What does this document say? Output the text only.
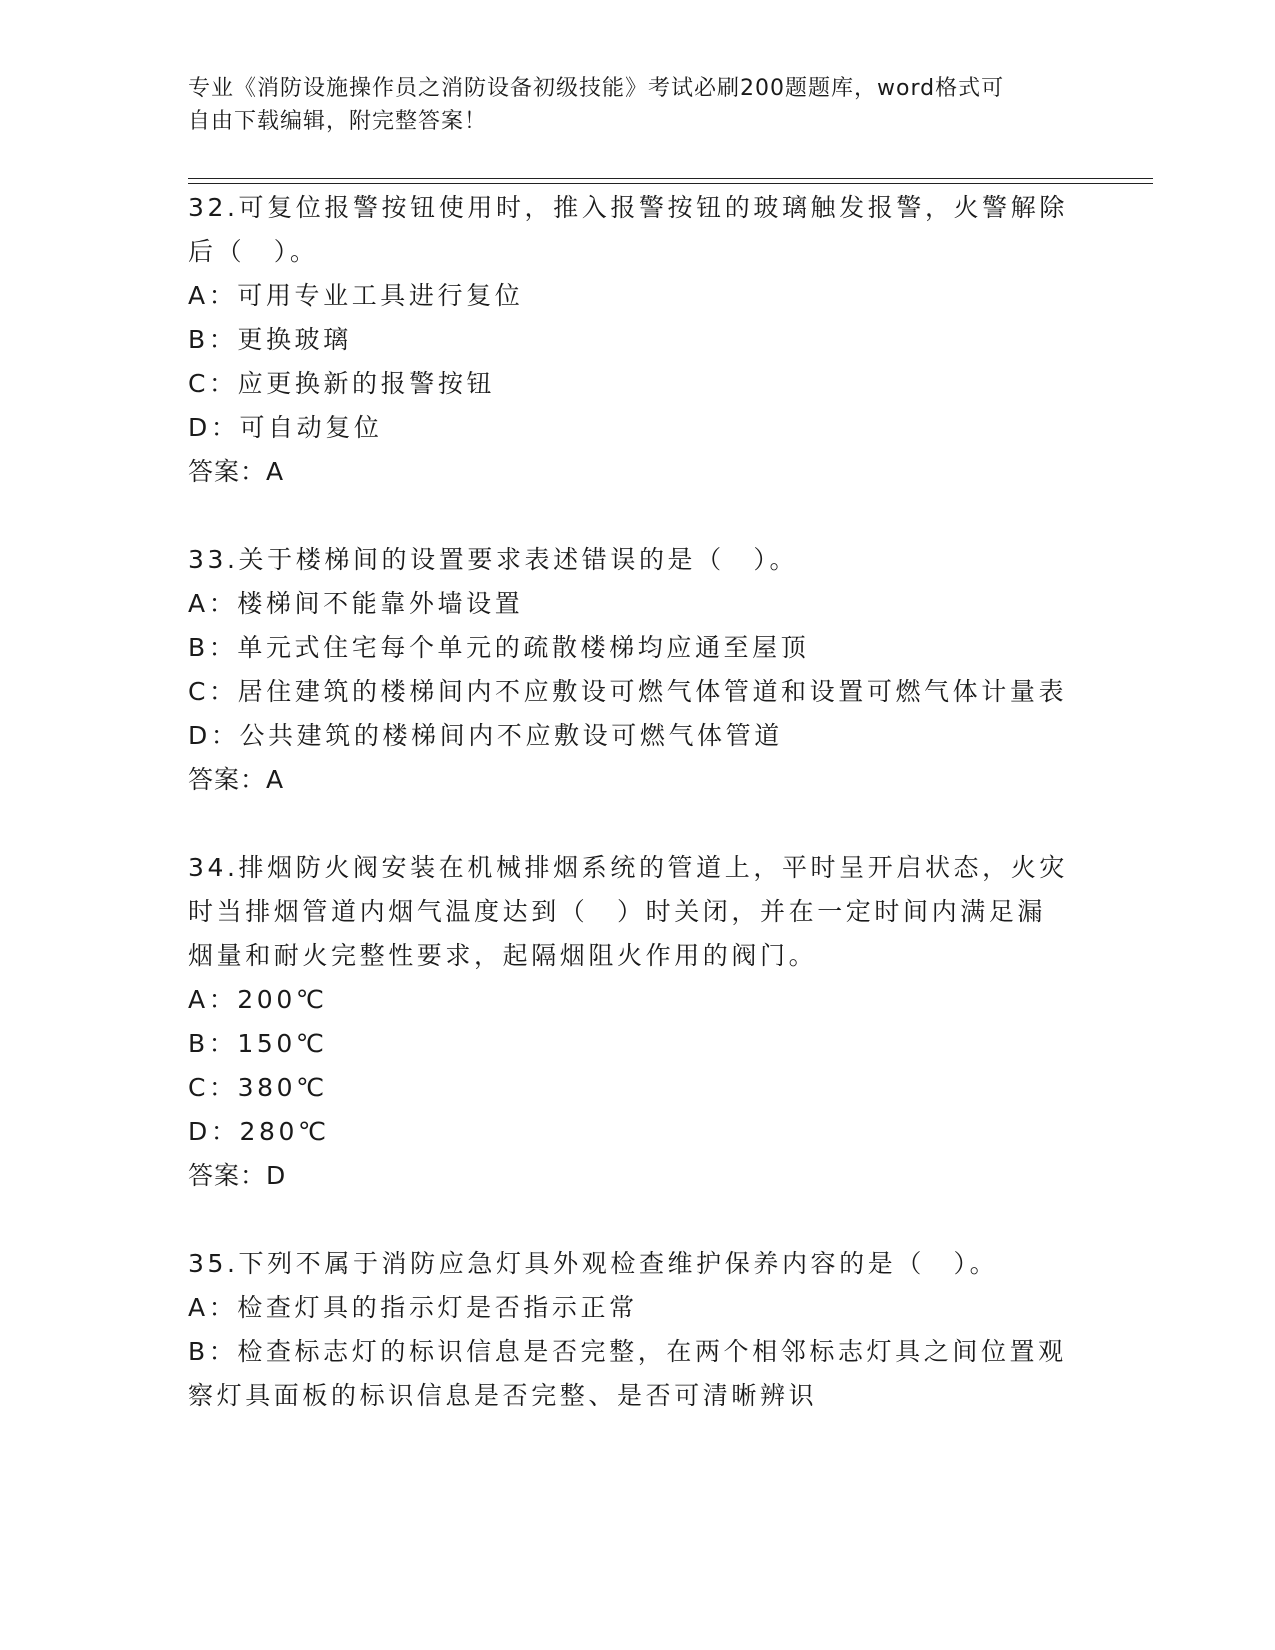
专业《消防设施操作员之消防设备初级技能》考试必刷200题题库，word格式可
自由下载编辑，附完整答案！
32.可复位报警按钮使用时，推入报警按钮的玻璃触发报警，火警解除
后（　）。
A：可用专业工具进行复位
B：更换玻璃
C：应更换新的报警按钮
D：可自动复位
答案：A
33.关于楼梯间的设置要求表述错误的是（　）。
A：楼梯间不能靠外墙设置
B：单元式住宅每个单元的疏散楼梯均应通至屋顶
C：居住建筑的楼梯间内不应敷设可燃气体管道和设置可燃气体计量表
D：公共建筑的楼梯间内不应敷设可燃气体管道
答案：A
34.排烟防火阀安装在机械排烟系统的管道上，平时呈开启状态，火灾
时当排烟管道内烟气温度达到（　）时关闭，并在一定时间内满足漏
烟量和耐火完整性要求，起隔烟阻火作用的阀门。
A：200℃
B：150℃
C：380℃
D：280℃
答案：D
35.下列不属于消防应急灯具外观检查维护保养内容的是（　）。
A：检查灯具的指示灯是否指示正常
B：检查标志灯的标识信息是否完整，在两个相邻标志灯具之间位置观
察灯具面板的标识信息是否完整、是否可清晰辨识
